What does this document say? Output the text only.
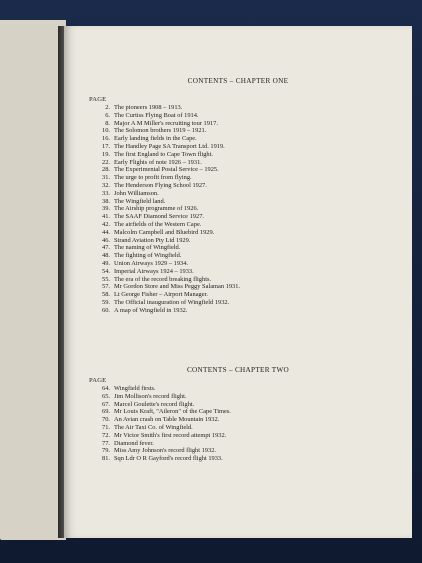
CONTENTS – CHAPTER ONE
PAGE
2. The pioneers 1908 – 1913.
6. The Curtiss Flying Boat of 1914.
8. Major A M Miller's recruiting tour 1917.
10. The Solomon brothers 1919 – 1921.
16. Early landing fields in the Cape.
17. The Handley Page SA Transport Ltd. 1919.
19. The first England to Cape Town flight.
22. Early Flights of note 1926 – 1931.
28. The Experimental Postal Service – 1925.
31. The urge to profit from flying.
32. The Henderson Flying School 1927.
33. John Williamson.
38. The Wingfield land.
39. The Airship programme of 1926.
41. The SAAF Diamond Service 1927.
42. The airfields of the Western Cape.
44. Malcolm Campbell and Bluebird 1929.
46. Strand Aviation Pty Ltd 1929.
47. The naming of Wingfield.
48. The fighting of Wingfield.
49. Union Airways 1929 – 1934.
54. Imperial Airways 1924 – 1933.
55. The era of the record breaking flights.
57. Mr Gordon Store and Miss Peggy Salaman 1931.
58. Lt George Fisher – Airport Manager.
59. The Official inauguration of Wingfield 1932.
60. A map of Wingfield in 1932.
CONTENTS – CHAPTER TWO
PAGE
64. Wingfield firsts.
65. Jim Mollison's record flight.
67. Marcel Goulette's record flight.
69. Mr Louis Kraft, "Aileron" of the Cape Times.
70. An Avian crash on Table Mountain 1932.
71. The Air Taxi Co. of Wingfield.
72. Mr Victor Smith's first record attempt 1932.
77. Diamond fever.
79. Miss Amy Johnson's record flight 1932.
81. Sqn Ldr O R Gayford's record flight 1933.
